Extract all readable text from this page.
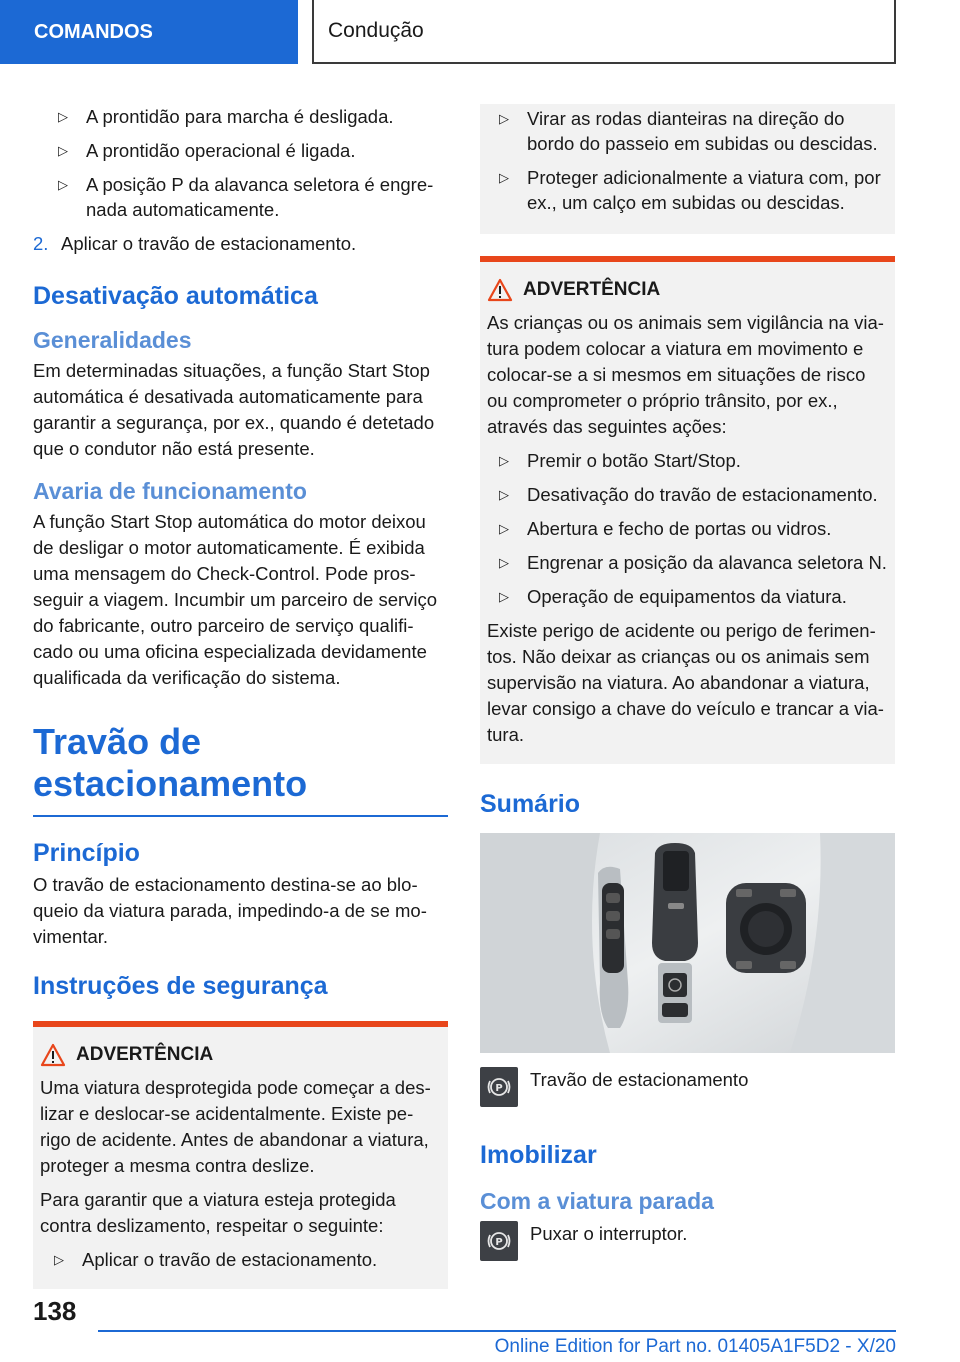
COMANDOS	Condução
▷ A prontidão para marcha é desligada.
▷ A prontidão operacional é ligada.
▷ A posição P da alavanca seletora é engre-nada automaticamente.
2. Aplicar o travão de estacionamento.
Desativação automática
Generalidades
Em determinadas situações, a função Start Stop automática é desativada automaticamente para garantir a segurança, por ex., quando é detetado que o condutor não está presente.
Avaria de funcionamento
A função Start Stop automática do motor deixou de desligar o motor automaticamente. É exibida uma mensagem do Check-Control. Pode pros-seguir a viagem. Incumbir um parceiro de serviço do fabricante, outro parceiro de serviço qualifi-cado ou uma oficina especializada devidamente qualificada da verificação do sistema.
Travão de estacionamento
Princípio
O travão de estacionamento destina-se ao blo-queio da viatura parada, impedindo-a de se mo-vimentar.
Instruções de segurança
ADVERTÊNCIA
Uma viatura desprotegida pode começar a des-lizar e deslocar-se acidentalmente. Existe pe-rigo de acidente. Antes de abandonar a viatura, proteger a mesma contra deslize.
Para garantir que a viatura esteja protegida contra deslizamento, respeitar o seguinte:
▷ Aplicar o travão de estacionamento.
▷ Virar as rodas dianteiras na direção do bordo do passeio em subidas ou descidas.
▷ Proteger adicionalmente a viatura com, por ex., um calço em subidas ou descidas.
ADVERTÊNCIA
As crianças ou os animais sem vigilância na via-tura podem colocar a viatura em movimento e colocar-se a si mesmos em situações de risco ou comprometer o próprio trânsito, por ex., através das seguintes ações:
▷ Premir o botão Start/Stop.
▷ Desativação do travão de estacionamento.
▷ Abertura e fecho de portas ou vidros.
▷ Engrenar a posição da alavanca seletora N.
▷ Operação de equipamentos da viatura.
Existe perigo de acidente ou perigo de ferimen-tos. Não deixar as crianças ou os animais sem supervisão na viatura. Ao abandonar a viatura, levar consigo a chave do veículo e trancar a via-tura.
Sumário
P Travão de estacionamento
Imobilizar
Com a viatura parada
P Puxar o interruptor.
138
Online Edition for Part no. 01405A1F5D2 - X/20
